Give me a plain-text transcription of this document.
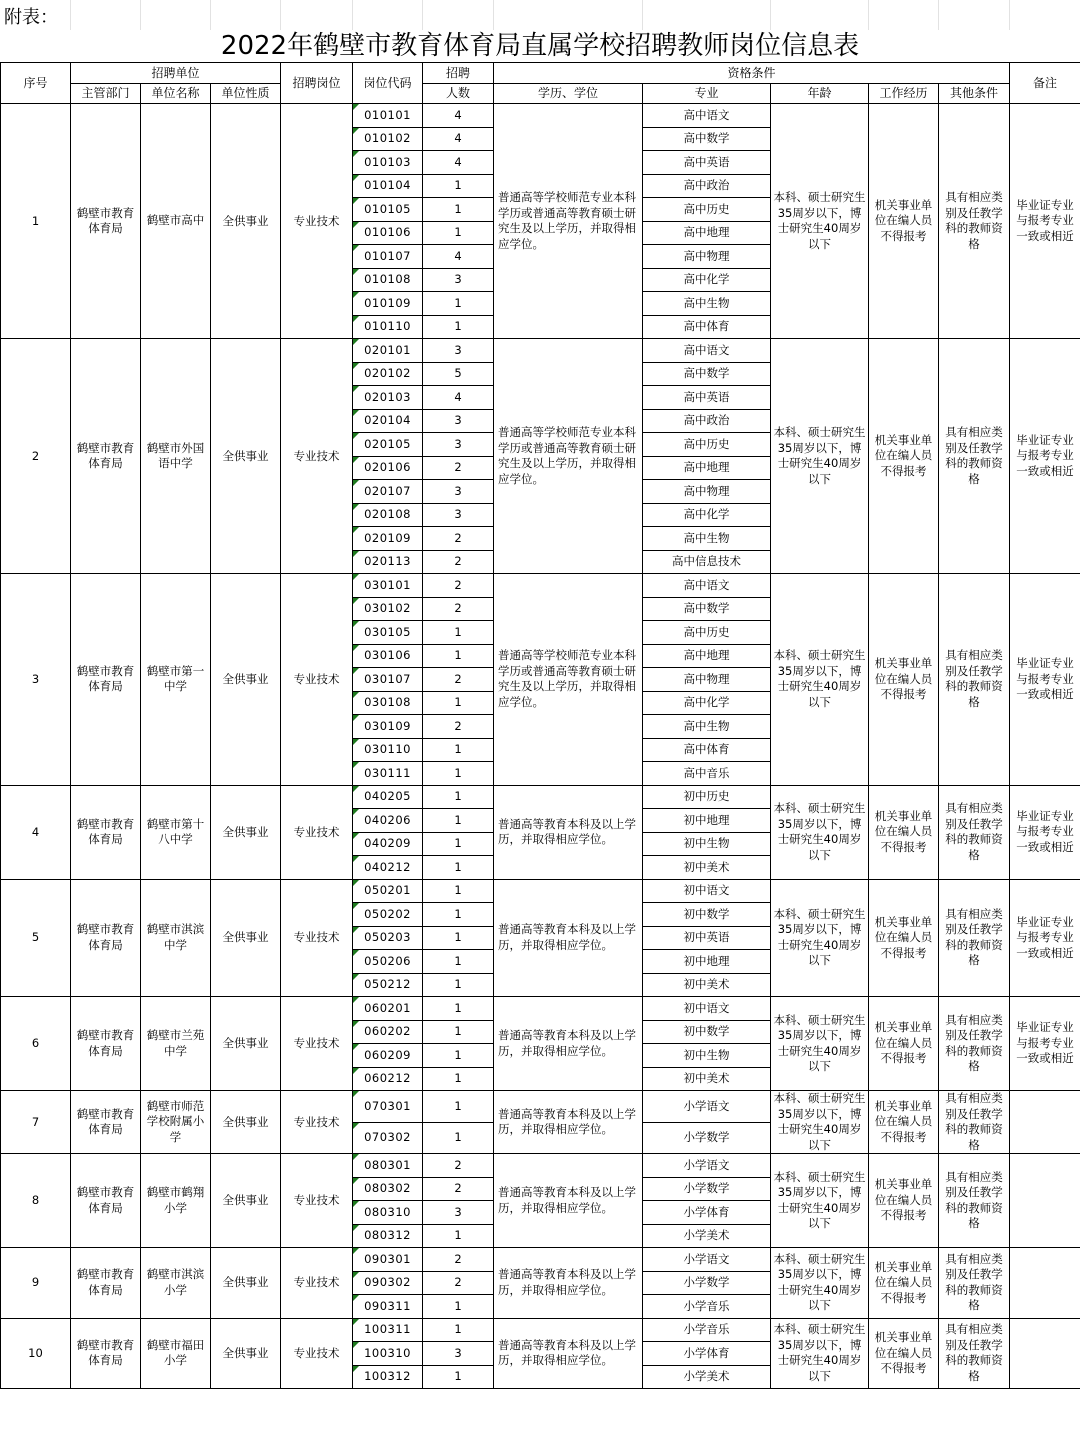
附表：
2022年鹤壁市教育体育局直属学校招聘教师岗位信息表
序号	招聘单位			招聘岗位	岗位代码	招聘	资格条件					备注
	主管部门	单位名称	单位性质			人数	学历、学位	专业	年龄	工作经历	其他条件	
1	鹤壁市教育体育局	鹤壁市高中	全供事业	专业技术	010101	4	普通高等学校师范专业本科学历或普通高等教育硕士研究生及以上学历，并取得相应学位。	高中语文	本科、硕士研究生35周岁以下，博士研究生40周岁以下	机关事业单位在编人员不得报考	具有相应类别及任教学科的教师资格	毕业证专业与报考专业一致或相近
					010102	4		高中数学				
					010103	4		高中英语				
					010104	1		高中政治				
					010105	1		高中历史				
					010106	1		高中地理				
					010107	4		高中物理				
					010108	3		高中化学				
					010109	1		高中生物				
					010110	1		高中体育				
2	鹤壁市教育体育局	鹤壁市外国语中学	全供事业	专业技术	020101	3	普通高等学校师范专业本科学历或普通高等教育硕士研究生及以上学历，并取得相应学位。	高中语文	本科、硕士研究生35周岁以下，博士研究生40周岁以下	机关事业单位在编人员不得报考	具有相应类别及任教学科的教师资格	毕业证专业与报考专业一致或相近
					020102	5		高中数学				
					020103	4		高中英语				
					020104	3		高中政治				
					020105	3		高中历史				
					020106	2		高中地理				
					020107	3		高中物理				
					020108	3		高中化学				
					020109	2		高中生物				
					020113	2		高中信息技术				
3	鹤壁市教育体育局	鹤壁市第一中学	全供事业	专业技术	030101	2	普通高等学校师范专业本科学历或普通高等教育硕士研究生及以上学历，并取得相应学位。	高中语文	本科、硕士研究生35周岁以下，博士研究生40周岁以下	机关事业单位在编人员不得报考	具有相应类别及任教学科的教师资格	毕业证专业与报考专业一致或相近
					030102	2		高中数学				
					030105	1		高中历史				
					030106	1		高中地理				
					030107	2		高中物理				
					030108	1		高中化学				
					030109	2		高中生物				
					030110	1		高中体育				
					030111	1		高中音乐				
4	鹤壁市教育体育局	鹤壁市第十八中学	全供事业	专业技术	040205	1	普通高等教育本科及以上学历，并取得相应学位。	初中历史	本科、硕士研究生35周岁以下，博士研究生40周岁以下	机关事业单位在编人员不得报考	具有相应类别及任教学科的教师资格	毕业证专业与报考专业一致或相近
					040206	1		初中地理				
					040209	1		初中生物				
					040212	1		初中美术				
5	鹤壁市教育体育局	鹤壁市淇滨中学	全供事业	专业技术	050201	1	普通高等教育本科及以上学历，并取得相应学位。	初中语文	本科、硕士研究生35周岁以下，博士研究生40周岁以下	机关事业单位在编人员不得报考	具有相应类别及任教学科的教师资格	毕业证专业与报考专业一致或相近
					050202	1		初中数学				
					050203	1		初中英语				
					050206	1		初中地理				
					050212	1		初中美术				
6	鹤壁市教育体育局	鹤壁市兰苑中学	全供事业	专业技术	060201	1	普通高等教育本科及以上学历，并取得相应学位。	初中语文	本科、硕士研究生35周岁以下，博士研究生40周岁以下	机关事业单位在编人员不得报考	具有相应类别及任教学科的教师资格	毕业证专业与报考专业一致或相近
					060202	1		初中数学				
					060209	1		初中生物				
					060212	1		初中美术				
7	鹤壁市教育体育局	鹤壁市师范学校附属小学	全供事业	专业技术	070301	1	普通高等教育本科及以上学历，并取得相应学位。	小学语文	本科、硕士研究生35周岁以下，博士研究生40周岁以下	机关事业单位在编人员不得报考	具有相应类别及任教学科的教师资格	
					070302	1		小学数学				
8	鹤壁市教育体育局	鹤壁市鹤翔小学	全供事业	专业技术	080301	2	普通高等教育本科及以上学历，并取得相应学位。	小学语文	本科、硕士研究生35周岁以下，博士研究生40周岁以下	机关事业单位在编人员不得报考	具有相应类别及任教学科的教师资格	
					080302	2		小学数学				
					080310	3		小学体育				
					080312	1		小学美术				
9	鹤壁市教育体育局	鹤壁市淇滨小学	全供事业	专业技术	090301	2	普通高等教育本科及以上学历，并取得相应学位。	小学语文	本科、硕士研究生35周岁以下，博士研究生40周岁以下	机关事业单位在编人员不得报考	具有相应类别及任教学科的教师资格	
					090302	2		小学数学				
					090311	1		小学音乐				
10	鹤壁市教育体育局	鹤壁市福田小学	全供事业	专业技术	100311	1	普通高等教育本科及以上学历，并取得相应学位。	小学音乐	本科、硕士研究生35周岁以下，博士研究生40周岁以下	机关事业单位在编人员不得报考	具有相应类别及任教学科的教师资格	
					100310	3		小学体育				
					100312	1		小学美术				
